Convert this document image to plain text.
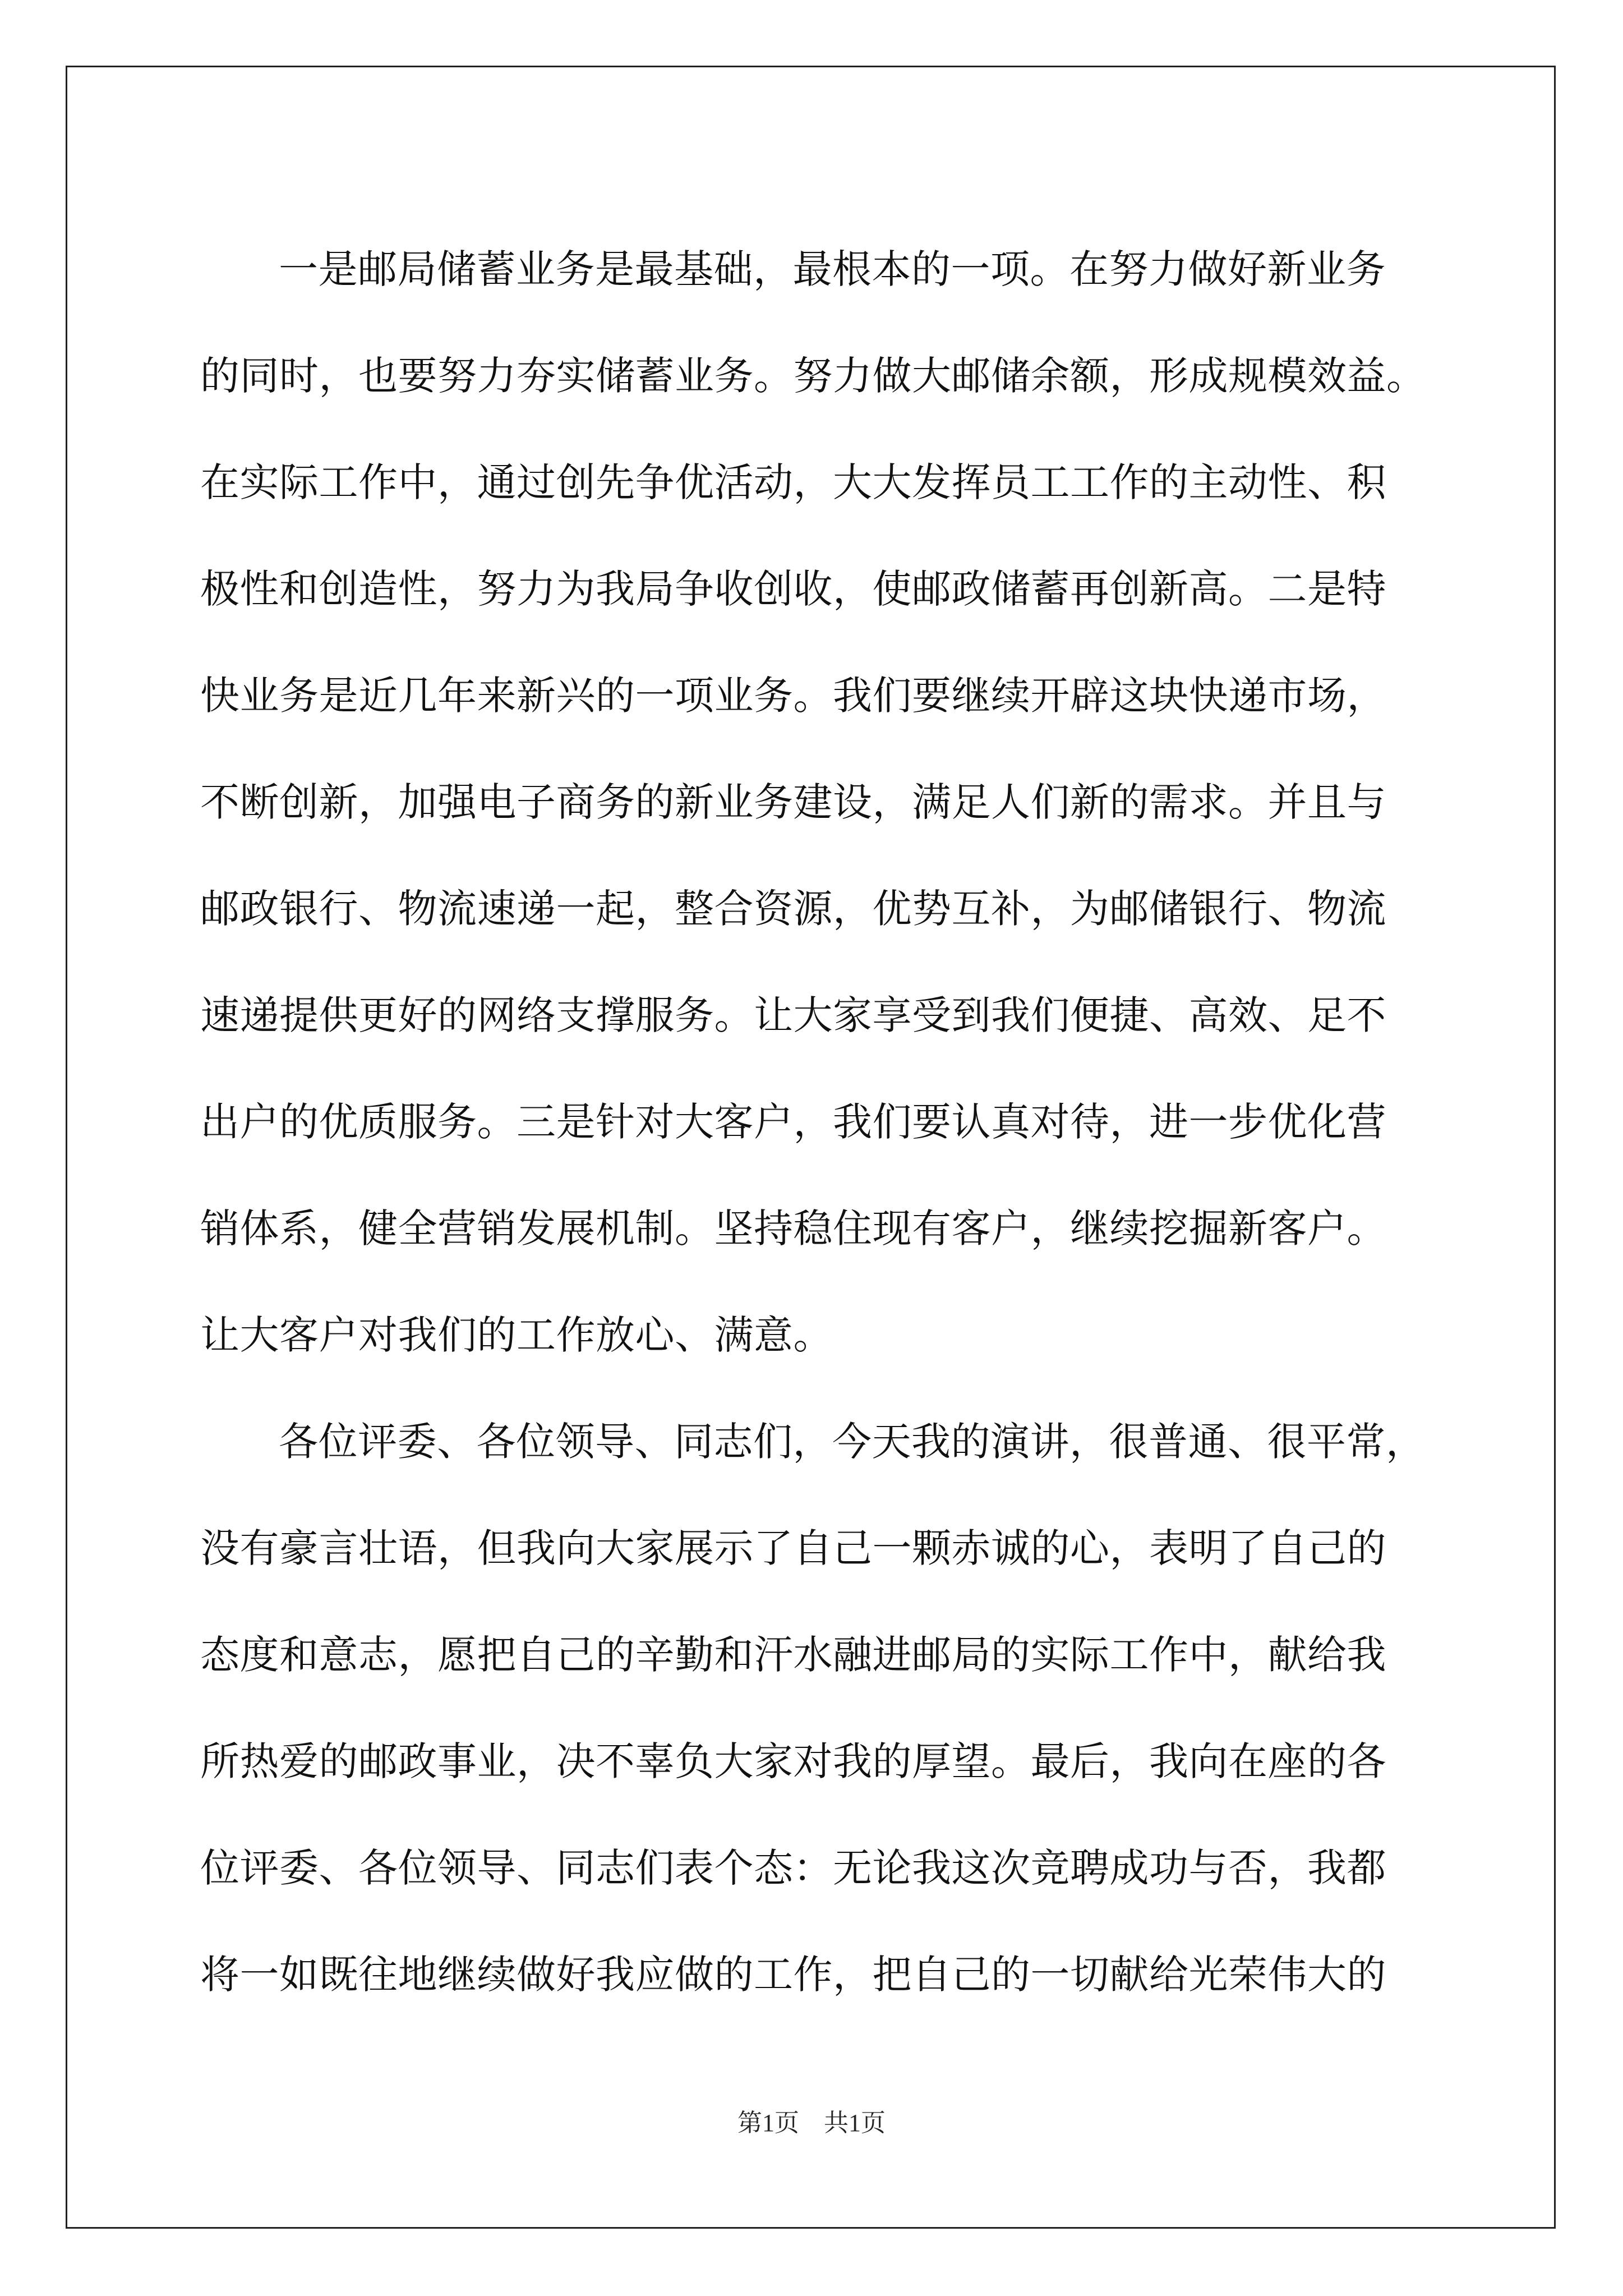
一是邮局储蓄业务是最基础，最根本的一项。在努力做好新业务
的同时，也要努力夯实储蓄业务。努力做大邮储余额，形成规模效益。
在实际工作中，通过创先争优活动，大大发挥员工工作的主动性、积
极性和创造性，努力为我局争收创收，使邮政储蓄再创新高。二是特
快业务是近几年来新兴的一项业务。我们要继续开辟这块快递市场，
不断创新，加强电子商务的新业务建设，满足人们新的需求。并且与
邮政银行、物流速递一起，整合资源，优势互补，为邮储银行、物流
速递提供更好的网络支撑服务。让大家享受到我们便捷、高效、足不
出户的优质服务。三是针对大客户，我们要认真对待，进一步优化营
销体系，健全营销发展机制。坚持稳住现有客户，继续挖掘新客户。
让大客户对我们的工作放心、满意。
各位评委、各位领导、同志们，今天我的演讲，很普通、很平常，
没有豪言壮语，但我向大家展示了自己一颗赤诚的心，表明了自己的
态度和意志，愿把自己的辛勤和汗水融进邮局的实际工作中，献给我
所热爱的邮政事业，决不辜负大家对我的厚望。最后，我向在座的各
位评委、各位领导、同志们表个态：无论我这次竞聘成功与否，我都
将一如既往地继续做好我应做的工作，把自己的一切献给光荣伟大的
第1页　共1页
